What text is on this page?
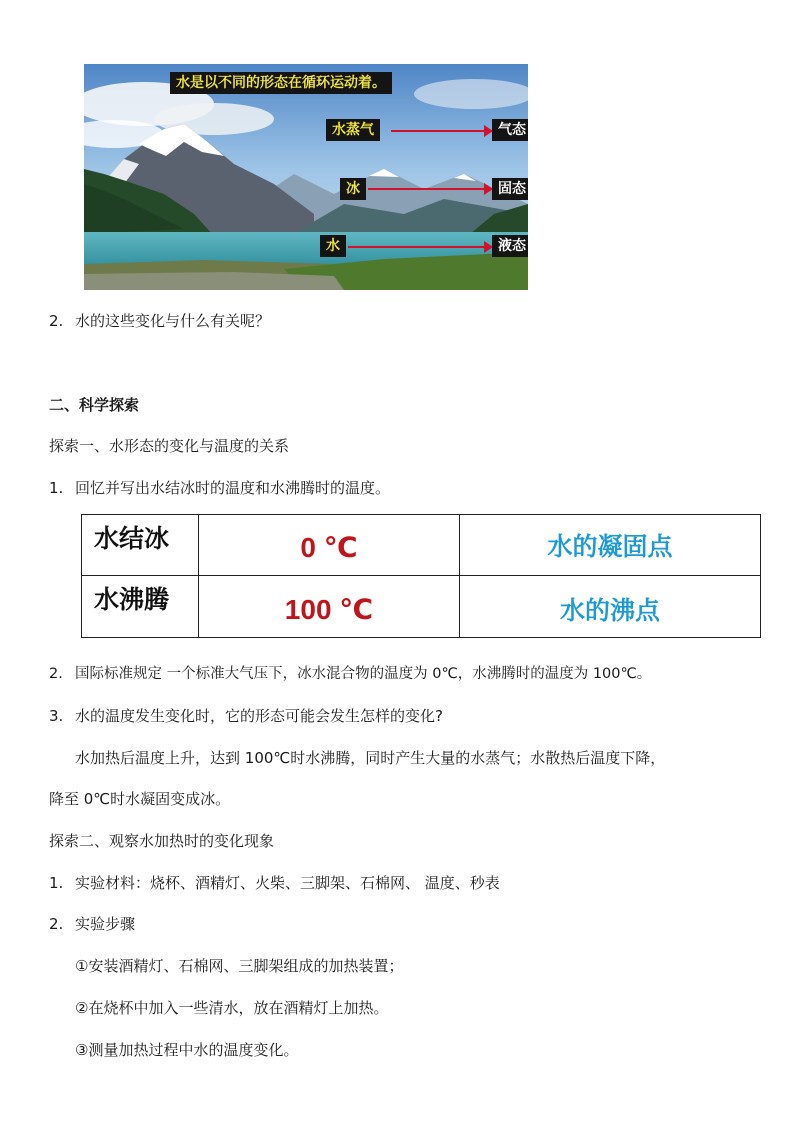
水是以不同的形态在循环运动着。
水蒸气	气态
冰	固态
水	液态
2. 水的这些变化与什么有关呢？
二、科学探索
探索一、水形态的变化与温度的关系
1. 回忆并写出水结冰时的温度和水沸腾时的温度。
水结冰	0 ℃	水的凝固点
水沸腾	100 ℃	水的沸点
2. 国际标准规定 一个标准大气压下，冰水混合物的温度为 0℃，水沸腾时的温度为 100℃。
3. 水的温度发生变化时，它的形态可能会发生怎样的变化?
水加热后温度上升，达到 100℃时水沸腾，同时产生大量的水蒸气；水散热后温度下降，
降至 0℃时水凝固变成冰。
探索二、观察水加热时的变化现象
1. 实验材料：烧杯、酒精灯、火柴、三脚架、石棉网、 温度、秒表
2. 实验步骤
①安装酒精灯、石棉网、三脚架组成的加热装置；
②在烧杯中加入一些清水，放在酒精灯上加热。
③测量加热过程中水的温度变化。
